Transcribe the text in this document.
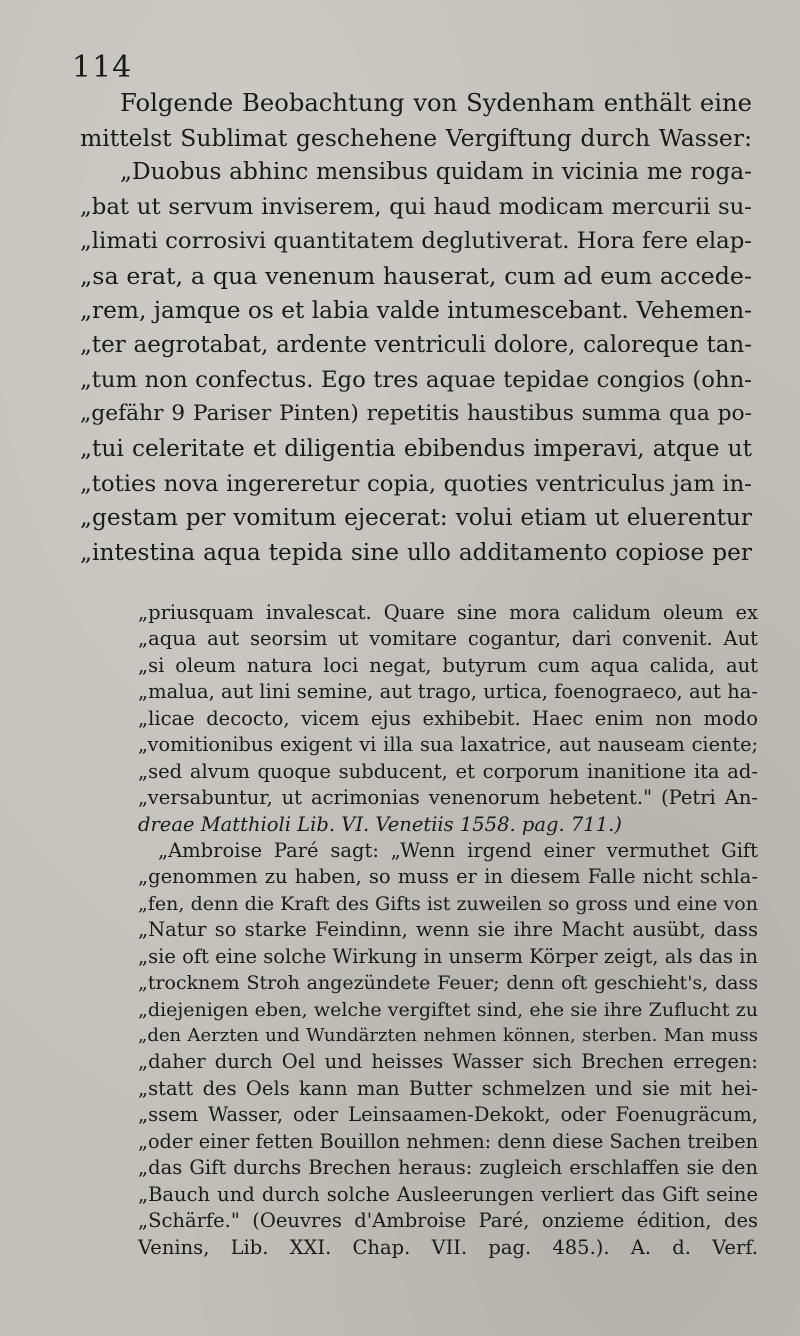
114
Folgende Beobachtung von Sydenham enthält eine
mittelst Sublimat geschehene Vergiftung durch Wasser:
„Duobus abhinc mensibus quidam in vicinia me roga-
„bat ut servum inviserem, qui haud modicam mercurii su-
„limati corrosivi quantitatem deglutiverat. Hora fere elap-
„sa erat, a qua venenum hauserat, cum ad eum accede-
„rem, jamque os et labia valde intumescebant. Vehemen-
„ter aegrotabat, ardente ventriculi dolore, caloreque tan-
„tum non confectus. Ego tres aquae tepidae congios (ohn-
„gefähr 9 Pariser Pinten) repetitis haustibus summa qua po-
„tui celeritate et diligentia ebibendus imperavi, atque ut
„toties nova ingereretur copia, quoties ventriculus jam in-
„gestam per vomitum ejecerat: volui etiam ut eluerentur
„intestina aqua tepida sine ullo additamento copiose per
„priusquam invalescat. Quare sine mora calidum oleum ex
„aqua aut seorsim ut vomitare cogantur, dari convenit. Aut
„si oleum natura loci negat, butyrum cum aqua calida, aut
„malua, aut lini semine, aut trago, urtica, foenograeco, aut ha-
„licae decocto, vicem ejus exhibebit. Haec enim non modo
„vomitionibus exigent vi illa sua laxatrice, aut nauseam ciente;
„sed alvum quoque subducent, et corporum inanitione ita ad-
„versabuntur, ut acrimonias venenorum hebetent." (Petri An-
dreae Matthioli Lib. VI. Venetiis 1558. pag. 711.)
„Ambroise Paré sagt: „Wenn irgend einer vermuthet Gift
„genommen zu haben, so muss er in diesem Falle nicht schla-
„fen, denn die Kraft des Gifts ist zuweilen so gross und eine von
„Natur so starke Feindinn, wenn sie ihre Macht ausübt, dass
„sie oft eine solche Wirkung in unserm Körper zeigt, als das in
„trocknem Stroh angezündete Feuer; denn oft geschieht's, dass
„diejenigen eben, welche vergiftet sind, ehe sie ihre Zuflucht zu
„den Aerzten und Wundärzten nehmen können, sterben. Man muss
„daher durch Oel und heisses Wasser sich Brechen erregen:
„statt des Oels kann man Butter schmelzen und sie mit hei-
„ssem Wasser, oder Leinsaamen-Dekokt, oder Foenugräcum,
„oder einer fetten Bouillon nehmen: denn diese Sachen treiben
„das Gift durchs Brechen heraus: zugleich erschlaffen sie den
„Bauch und durch solche Ausleerungen verliert das Gift seine
„Schärfe." (Oeuvres d'Ambroise Paré, onzieme édition, des
Venins, Lib. XXI. Chap. VII. pag. 485.). A. d. Verf.
